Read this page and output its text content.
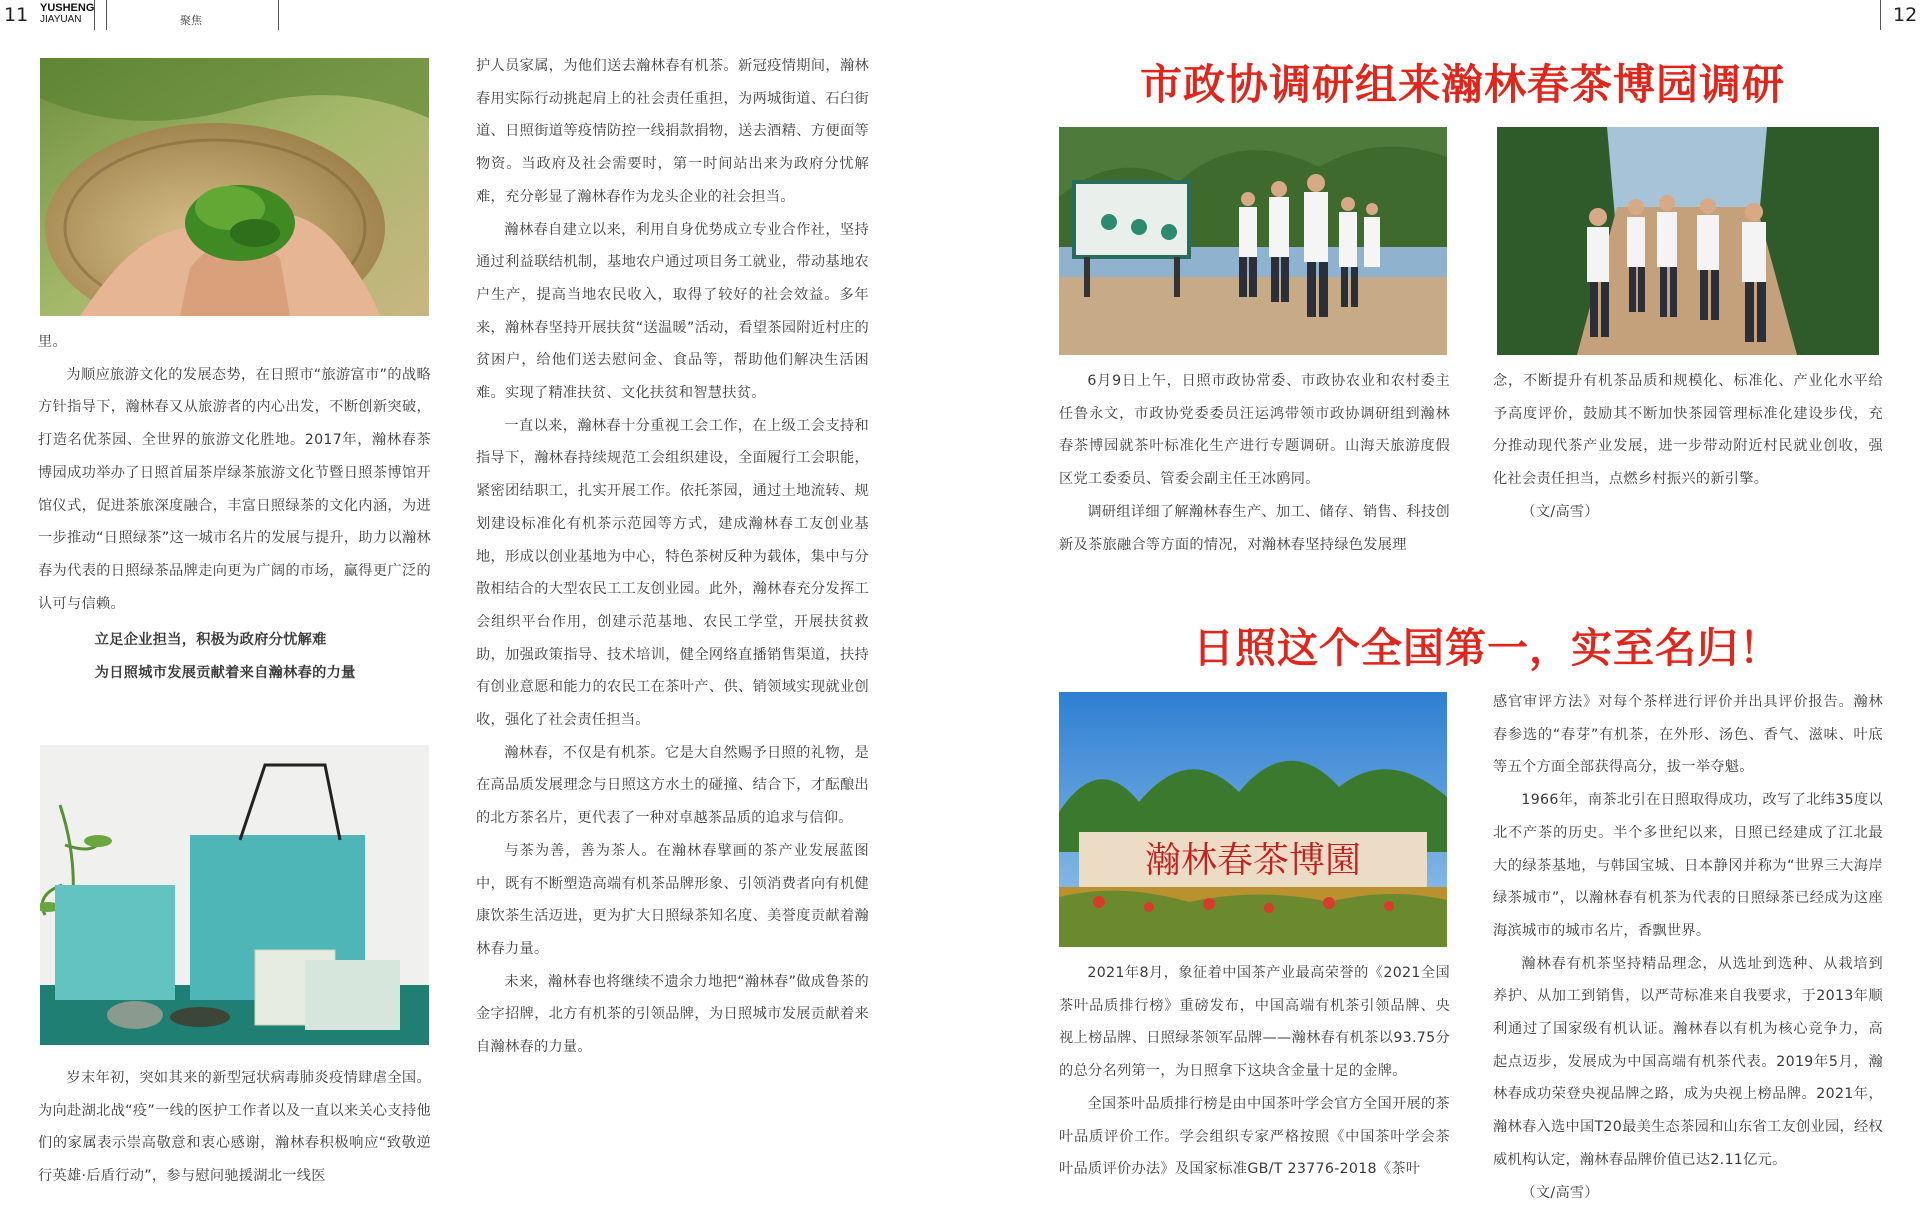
11 YUSHENG
JIAYUAN	聚焦	12

里。

为顺应旅游文化的发展态势，在日照市“旅游富市”的战略方针指导下，瀚林春又从旅游者的内心出发，不断创新突破，打造名优茶园、全世界的旅游文化胜地。2017年，瀚林春茶博园成功举办了日照首届茶岸绿茶旅游文化节暨日照茶博馆开馆仪式，促进茶旅深度融合，丰富日照绿茶的文化内涵，为进一步推动“日照绿茶”这一城市名片的发展与提升，助力以瀚林春为代表的日照绿茶品牌走向更为广阔的市场，赢得更广泛的认可与信赖。

立足企业担当，积极为政府分忧解难

为日照城市发展贡献着来自瀚林春的力量

岁末年初，突如其来的新型冠状病毒肺炎疫情肆虐全国。为向赴湖北战“疫”一线的医护工作者以及一直以来关心支持他们的家属表示崇高敬意和衷心感谢，瀚林春积极响应“致敬逆行英雄·后盾行动”，参与慰问驰援湖北一线医

护人员家属，为他们送去瀚林春有机茶。新冠疫情期间，瀚林春用实际行动挑起肩上的社会责任重担，为两城街道、石臼街道、日照街道等疫情防控一线捐款捐物，送去酒精、方便面等物资。当政府及社会需要时，第一时间站出来为政府分忧解难，充分彰显了瀚林春作为龙头企业的社会担当。

瀚林春自建立以来，利用自身优势成立专业合作社，坚持通过利益联结机制，基地农户通过项目务工就业，带动基地农户生产，提高当地农民收入，取得了较好的社会效益。多年来，瀚林春坚持开展扶贫“送温暖”活动，看望茶园附近村庄的贫困户，给他们送去慰问金、食品等，帮助他们解决生活困难。实现了精准扶贫、文化扶贫和智慧扶贫。

一直以来，瀚林春十分重视工会工作，在上级工会支持和指导下，瀚林春持续规范工会组织建设，全面履行工会职能，紧密团结职工，扎实开展工作。依托茶园，通过土地流转、规划建设标准化有机茶示范园等方式，建成瀚林春工友创业基地，形成以创业基地为中心，特色茶树反种为载体，集中与分散相结合的大型农民工工友创业园。此外，瀚林春充分发挥工会组织平台作用，创建示范基地、农民工学堂，开展扶贫救助，加强政策指导、技术培训，健全网络直播销售渠道，扶持有创业意愿和能力的农民工在茶叶产、供、销领域实现就业创收，强化了社会责任担当。

瀚林春，不仅是有机茶。它是大自然赐予日照的礼物，是在高品质发展理念与日照这方水土的碰撞、结合下，才酝酿出的北方茶名片，更代表了一种对卓越茶品质的追求与信仰。

与茶为善，善为茶人。在瀚林春擘画的茶产业发展蓝图中，既有不断塑造高端有机茶品牌形象、引领消费者向有机健康饮茶生活迈进，更为扩大日照绿茶知名度、美誉度贡献着瀚林春力量。

未来，瀚林春也将继续不遗余力地把“瀚林春”做成鲁茶的金字招牌，北方有机茶的引领品牌，为日照城市发展贡献着来自瀚林春的力量。

市政协调研组来瀚林春茶博园调研

6月9日上午，日照市政协常委、市政协农业和农村委主任鲁永文，市政协党委委员汪运鸿带领市政协调研组到瀚林春茶博园就茶叶标准化生产进行专题调研。山海天旅游度假区党工委委员、管委会副主任王冰鸥同。

调研组详细了解瀚林春生产、加工、储存、销售、科技创新及茶旅融合等方面的情况，对瀚林春坚持绿色发展理

念，不断提升有机茶品质和规模化、标准化、产业化水平给予高度评价，鼓励其不断加快茶园管理标准化建设步伐，充分推动现代茶产业发展，进一步带动附近村民就业创收，强化社会责任担当，点燃乡村振兴的新引擎。

（文/高雪）

日照这个全国第一，实至名归！
瀚林春茶博園

2021年8月，象征着中国茶产业最高荣誉的《2021全国茶叶品质排行榜》重磅发布，中国高端有机茶引领品牌、央视上榜品牌、日照绿茶领军品牌——瀚林春有机茶以93.75分的总分名列第一，为日照拿下这块含金量十足的金牌。

全国茶叶品质排行榜是由中国茶叶学会官方全国开展的茶叶品质评价工作。学会组织专家严格按照《中国茶叶学会茶叶品质评价办法》及国家标准GB/T 23776-2018《茶叶

感官审评方法》对每个茶样进行评价并出具评价报告。瀚林春参选的“春芽”有机茶，在外形、汤色、香气、滋味、叶底等五个方面全部获得高分，拔一举夺魁。

1966年，南茶北引在日照取得成功，改写了北纬35度以北不产茶的历史。半个多世纪以来，日照已经建成了江北最大的绿茶基地，与韩国宝城、日本静冈并称为“世界三大海岸绿茶城市”，以瀚林春有机茶为代表的日照绿茶已经成为这座海滨城市的城市名片，香飘世界。

瀚林春有机茶坚持精品理念，从选址到选种、从栽培到养护、从加工到销售，以严苛标准来自我要求，于2013年顺利通过了国家级有机认证。瀚林春以有机为核心竞争力，高起点迈步，发展成为中国高端有机茶代表。2019年5月，瀚林春成功荣登央视品牌之路，成为央视上榜品牌。2021年，瀚林春入选中国T20最美生态茶园和山东省工友创业园，经权威机构认定，瀚林春品牌价值已达2.11亿元。

（文/高雪）
